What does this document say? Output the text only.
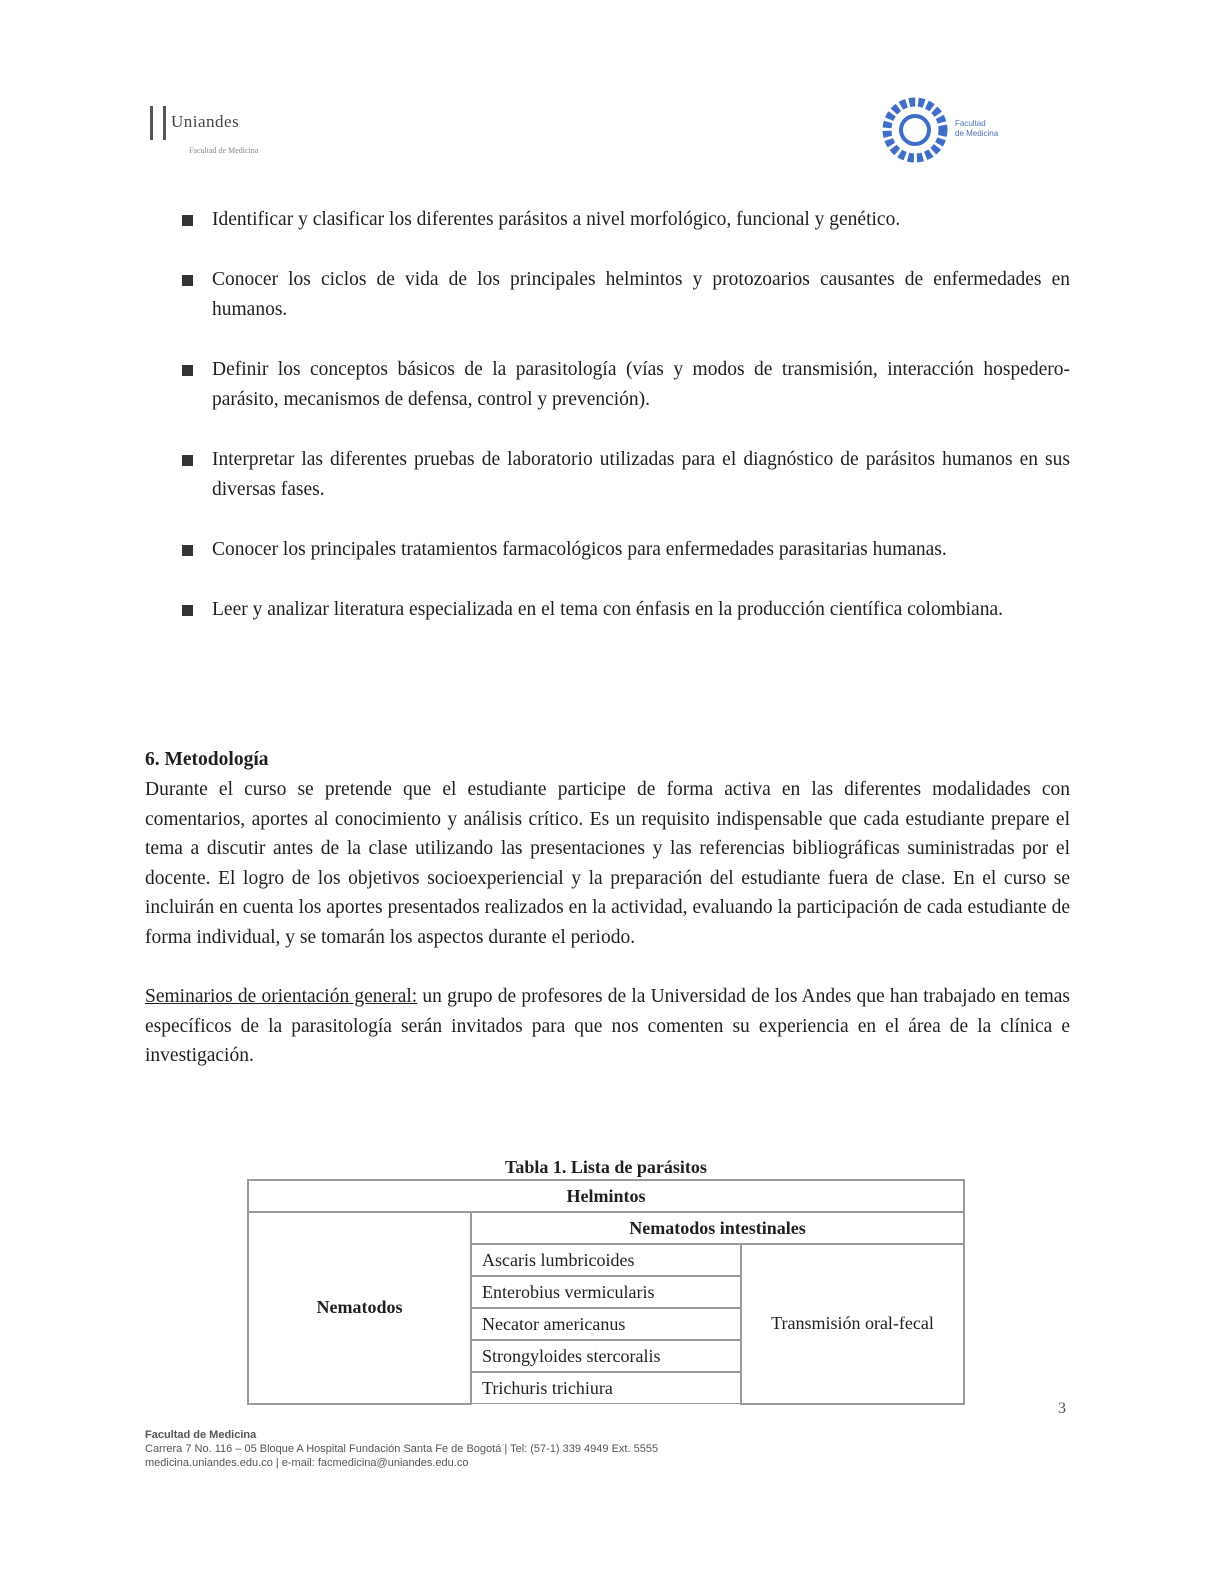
Uniandes
Facultad de Medicina
Facultad
de Medicina
Identificar y clasificar los diferentes parásitos a nivel morfológico, funcional y genético.
Conocer los ciclos de vida de los principales helmintos y protozoarios causantes de enfermedades en humanos.
Definir los conceptos básicos de la parasitología (vías y modos de transmisión, interacción hospedero-parásito, mecanismos de defensa, control y prevención).
Interpretar las diferentes pruebas de laboratorio utilizadas para el diagnóstico de parásitos humanos en sus diversas fases.
Conocer los principales tratamientos farmacológicos para enfermedades parasitarias humanas.
Leer y analizar literatura especializada en el tema con énfasis en la producción científica colombiana.
6. Metodología

Durante el curso se pretende que el estudiante participe de forma activa en las diferentes modalidades con comentarios, aportes al conocimiento y análisis crítico. Es un requisito indispensable que cada estudiante prepare el tema a discutir antes de la clase utilizando las presentaciones y las referencias bibliográficas suministradas por el docente. El logro de los objetivos socioexperiencial y la preparación del estudiante fuera de clase. En el curso se incluirán en cuenta los aportes presentados realizados en la actividad, evaluando la participación de cada estudiante de forma individual, y se tomarán los aspectos durante el periodo.

Seminarios de orientación general: un grupo de profesores de la Universidad de los Andes que han trabajado en temas específicos de la parasitología serán invitados para que nos comenten su experiencia en el área de la clínica e investigación.

Tabla 1. Lista de parásitos
Helmintos		
Nematodos	Nematodos intestinales	
	Ascaris lumbricoides	Transmisión oral-fecal
	Enterobius vermicularis	
	Necator americanus	
	Strongyloides stercoralis	
	Trichuris trichiura	
3
Facultad de Medicina
Carrera 7 No. 116 – 05 Bloque A Hospital Fundación Santa Fe de Bogotá | Tel: (57-1) 339 4949 Ext. 5555
medicina.uniandes.edu.co | e-mail: facmedicina@uniandes.edu.co
